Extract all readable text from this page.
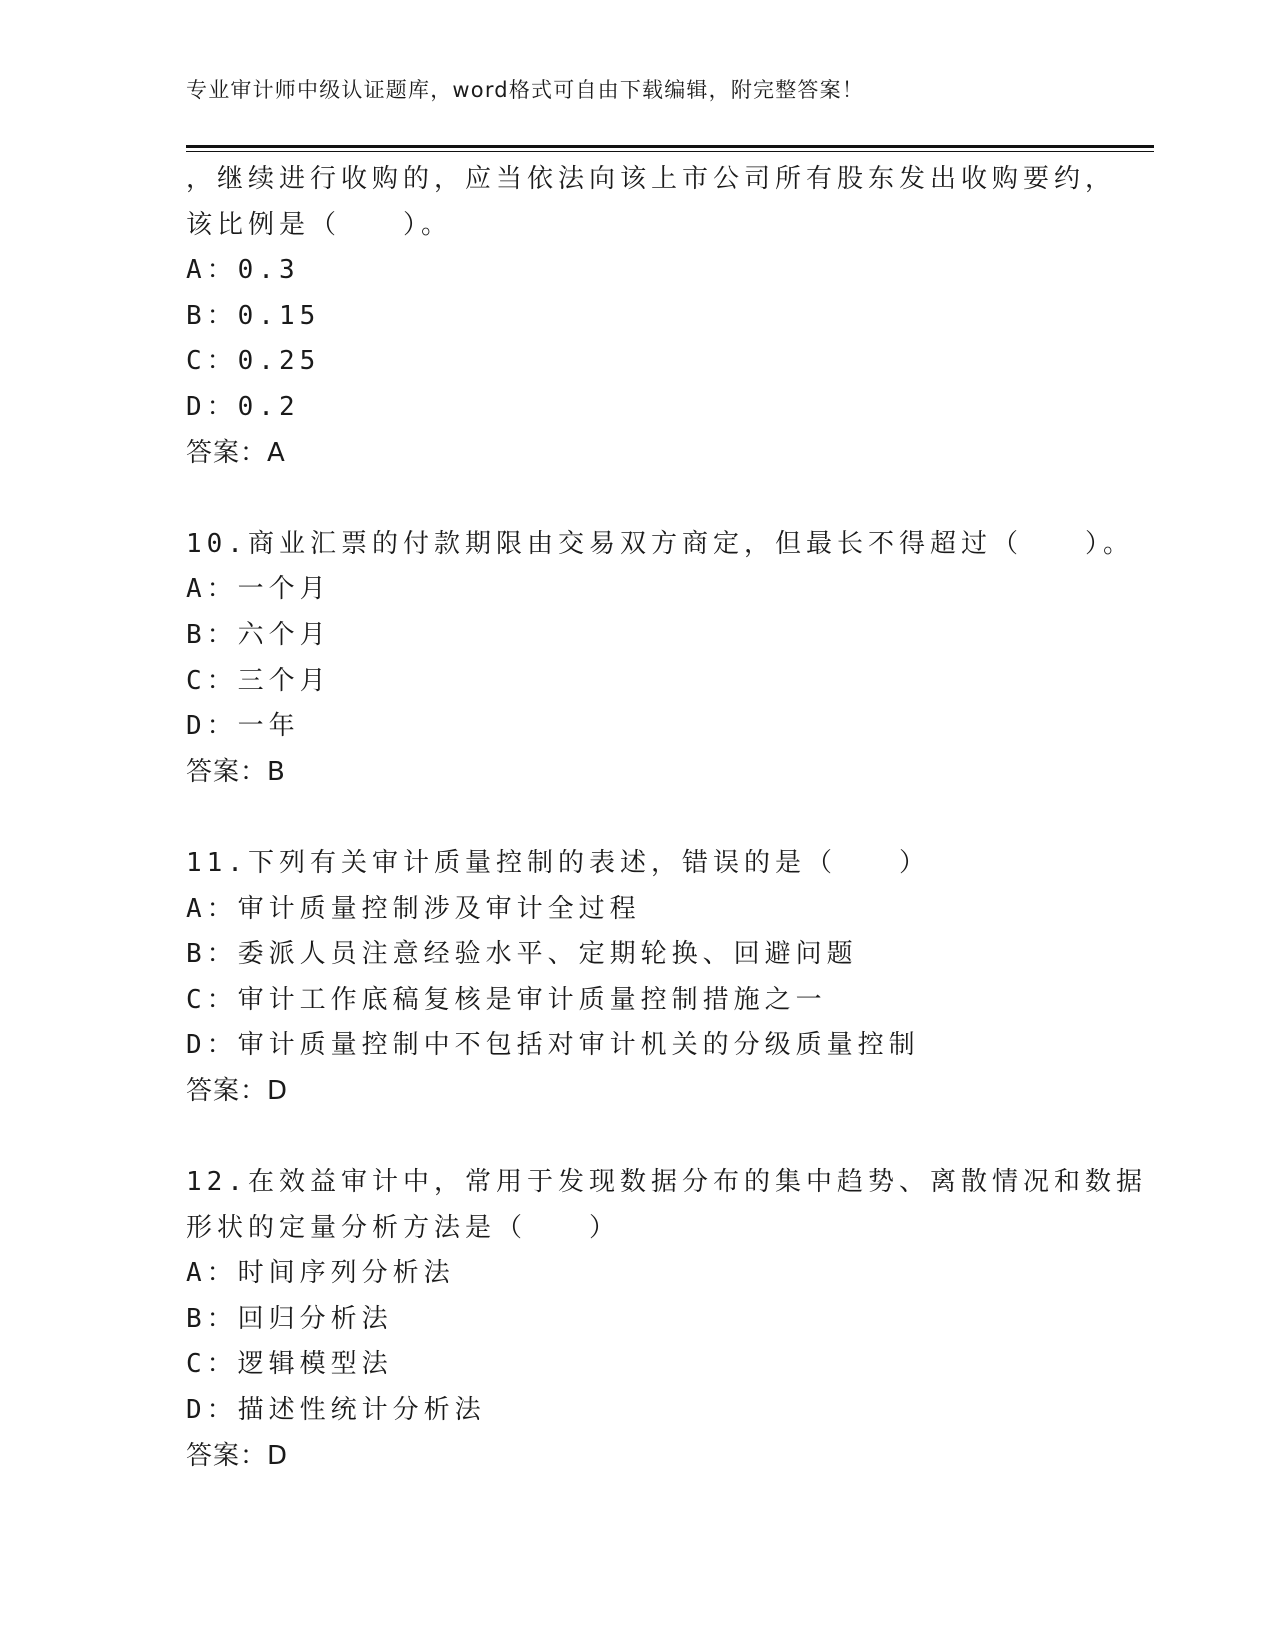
专业审计师中级认证题库，word格式可自由下载编辑，附完整答案！
，继续进行收购的，应当依法向该上市公司所有股东发出收购要约，
该比例是（　　）。
A：0.3
B：0.15
C：0.25
D：0.2
答案：A
10.商业汇票的付款期限由交易双方商定，但最长不得超过（　　）。
A：一个月
B：六个月
C：三个月
D：一年
答案：B
11.下列有关审计质量控制的表述，错误的是（　　）
A：审计质量控制涉及审计全过程
B：委派人员注意经验水平、定期轮换、回避问题
C：审计工作底稿复核是审计质量控制措施之一
D：审计质量控制中不包括对审计机关的分级质量控制
答案：D
12.在效益审计中，常用于发现数据分布的集中趋势、离散情况和数据
形状的定量分析方法是（　　）
A：时间序列分析法
B：回归分析法
C：逻辑模型法
D：描述性统计分析法
答案：D
